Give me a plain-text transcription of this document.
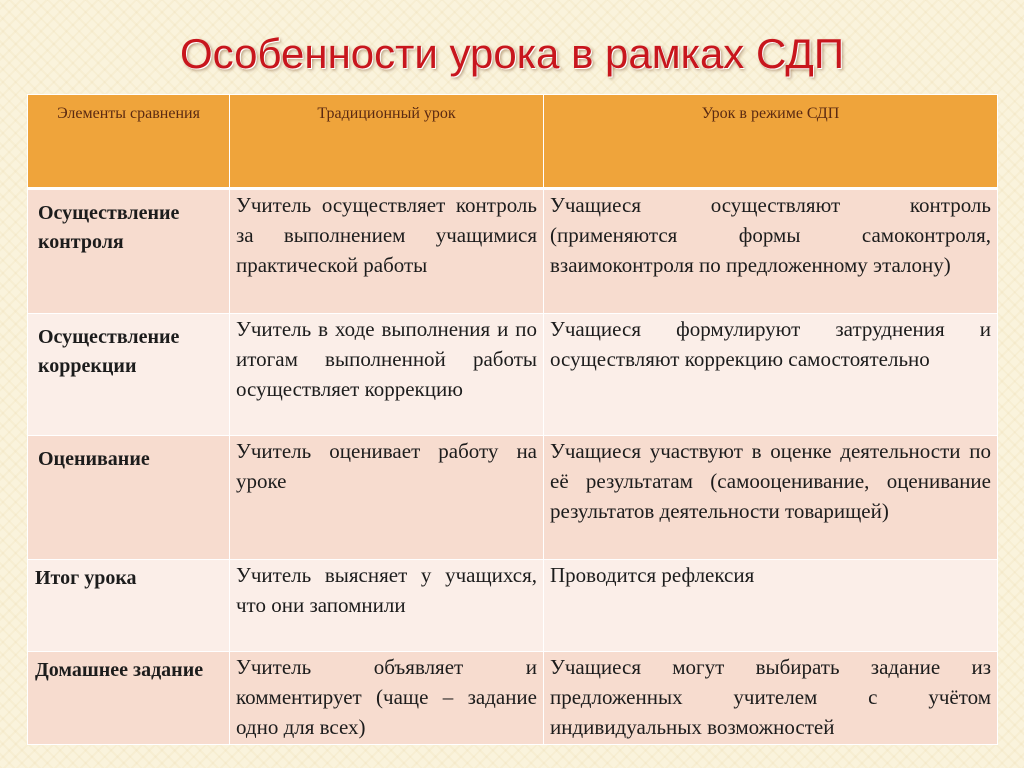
Особенности урока в рамках СДП
Элементы сравнения	Традиционный урок	Урок в режиме СДП
Осуществление контроля	Учитель осуществляет контроль за выполнением учащимися практической работы	Учащиеся осуществляют контроль (применяются формы самоконтроля, взаимоконтроля по предложенному эталону)
Осуществление коррекции	Учитель в ходе выполнения и по итогам выполненной работы осуществляет коррекцию	Учащиеся формулируют затруднения и осуществляют коррекцию самостоятельно
Оценивание	Учитель оценивает работу на уроке	Учащиеся участвуют в оценке деятельности по её результатам (самооценивание, оценивание результатов деятельности товарищей)
Итог урока	Учитель выясняет у учащихся, что они запомнили	Проводится рефлексия
Домашнее задание	Учитель объявляет и комментирует (чаще – задание одно для всех)	Учащиеся могут выбирать задание из предложенных учителем с учётом индивидуальных возможностей
